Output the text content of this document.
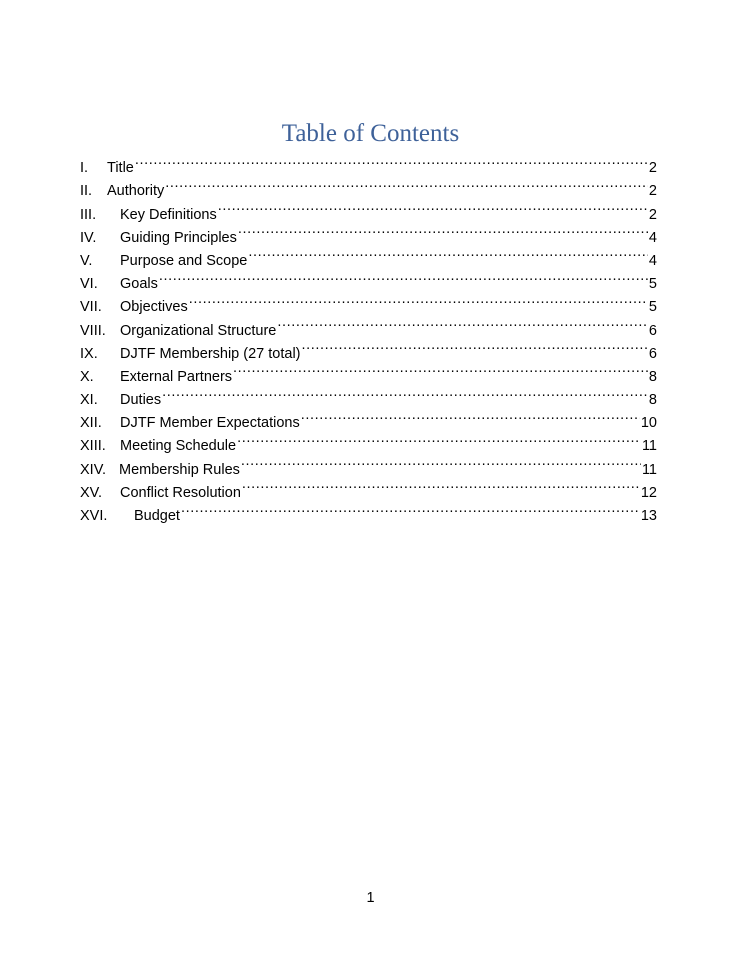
Table of Contents
I.	Title .....	2
II.	Authority .....	2
III.	Key Definitions .....	2
IV.	Guiding Principles .....	4
V.	Purpose and Scope .....	4
VI.	Goals .....	5
VII.	Objectives .....	5
VIII. Organizational Structure .....	6
IX.	DJTF Membership (27 total) .....	6
X.	External Partners .....	8
XI.	Duties .....	8
XII.	DJTF Member Expectations .....	10
XIII. Meeting Schedule .....	11
XIV. Membership Rules .....	11
XV.	Conflict Resolution .....	12
XVI.	Budget .....	13
1
